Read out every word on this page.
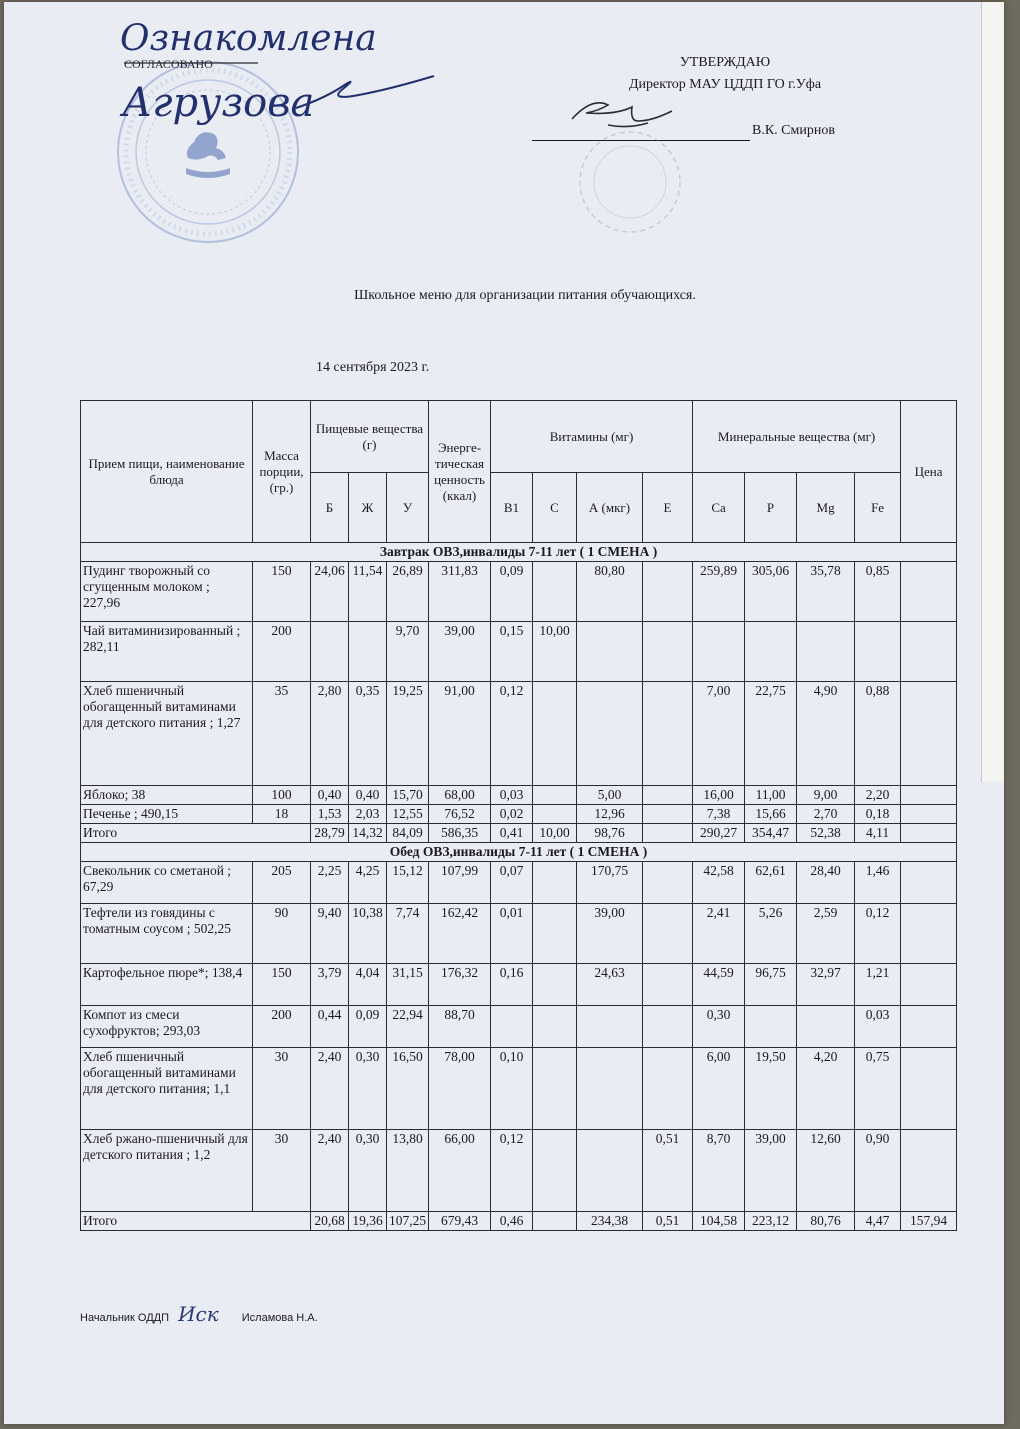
Ознакомлена
СОГЛАСОВАНО
Агрузова
УТВЕРЖДАЮ
Директор МАУ ЦДДП ГО г.Уфа
В.К. Смирнов
Школьное меню для организации питания обучающихся.
14 сентября 2023 г.
Прием пищи, наименование блюда	Масса порции, (гр.)	Пищевые вещества (г)			Энерге-тическая ценность (ккал)	Витамины (мг)				Минеральные вещества (мг)				Цена
		Б	Ж	У		В1	С	А (мкг)	Е	Са	Р	Mg	Fe	
Завтрак ОВЗ,инвалиды 7-11 лет ( 1 СМЕНА )														
Пудинг творожный со сгущенным молоком ; 227,96	150	24,06	11,54	26,89	311,83	0,09		80,80		259,89	305,06	35,78	0,85	
Чай витаминизированный ; 282,11	200			9,70	39,00	0,15	10,00							
Хлеб пшеничный обогащенный витаминами для детского питания ; 1,27	35	2,80	0,35	19,25	91,00	0,12				7,00	22,75	4,90	0,88	
Яблоко; 38	100	0,40	0,40	15,70	68,00	0,03		5,00		16,00	11,00	9,00	2,20	
Печенье ; 490,15	18	1,53	2,03	12,55	76,52	0,02		12,96		7,38	15,66	2,70	0,18	
Итого		28,79	14,32	84,09	586,35	0,41	10,00	98,76		290,27	354,47	52,38	4,11	
Обед ОВЗ,инвалиды 7-11 лет ( 1 СМЕНА )														
Свекольник со сметаной ; 67,29	205	2,25	4,25	15,12	107,99	0,07		170,75		42,58	62,61	28,40	1,46	
Тефтели из говядины с томатным соусом ; 502,25	90	9,40	10,38	7,74	162,42	0,01		39,00		2,41	5,26	2,59	0,12	
Картофельное пюре*; 138,4	150	3,79	4,04	31,15	176,32	0,16		24,63		44,59	96,75	32,97	1,21	
Компот из смеси сухофруктов; 293,03	200	0,44	0,09	22,94	88,70					0,30			0,03	
Хлеб пшеничный обогащенный витаминами для детского питания; 1,1	30	2,40	0,30	16,50	78,00	0,10				6,00	19,50	4,20	0,75	
Хлеб ржано-пшеничный для детского питания ; 1,2	30	2,40	0,30	13,80	66,00	0,12			0,51	8,70	39,00	12,60	0,90	
Итого		20,68	19,36	107,25	679,43	0,46		234,38	0,51	104,58	223,12	80,76	4,47	157,94
Начальник ОДДП Иск Исламова Н.А.
